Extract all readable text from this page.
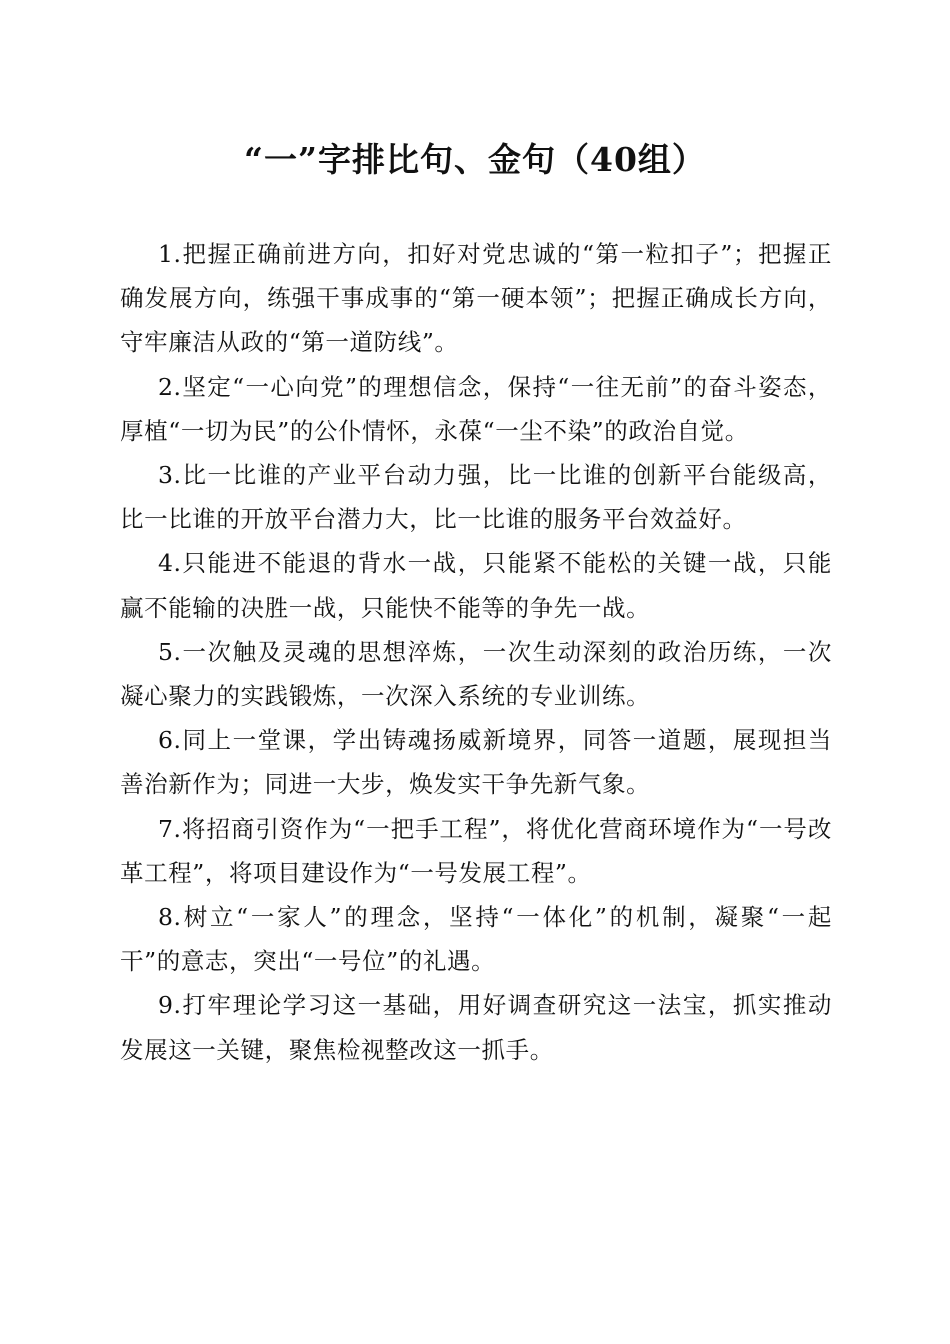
“一”字排比句、金句（40组）

1.把握正确前进方向，扣好对党忠诚的“第一粒扣子”；把握正确发展方向，练强干事成事的“第一硬本领”；把握正确成长方向，守牢廉洁从政的“第一道防线”。

2.坚定“一心向党”的理想信念，保持“一往无前”的奋斗姿态，厚植“一切为民”的公仆情怀，永葆“一尘不染”的政治自觉。

3.比一比谁的产业平台动力强，比一比谁的创新平台能级高，比一比谁的开放平台潜力大，比一比谁的服务平台效益好。

4.只能进不能退的背水一战，只能紧不能松的关键一战，只能赢不能输的决胜一战，只能快不能等的争先一战。

5.一次触及灵魂的思想淬炼，一次生动深刻的政治历练，一次凝心聚力的实践锻炼，一次深入系统的专业训练。

6.同上一堂课，学出铸魂扬威新境界，同答一道题，展现担当善治新作为；同进一大步，焕发实干争先新气象。

7.将招商引资作为“一把手工程”，将优化营商环境作为“一号改革工程”，将项目建设作为“一号发展工程”。

8.树立“一家人”的理念，坚持“一体化”的机制，凝聚“一起干”的意志，突出“一号位”的礼遇。

9.打牢理论学习这一基础，用好调查研究这一法宝，抓实推动发展这一关键，聚焦检视整改这一抓手。
